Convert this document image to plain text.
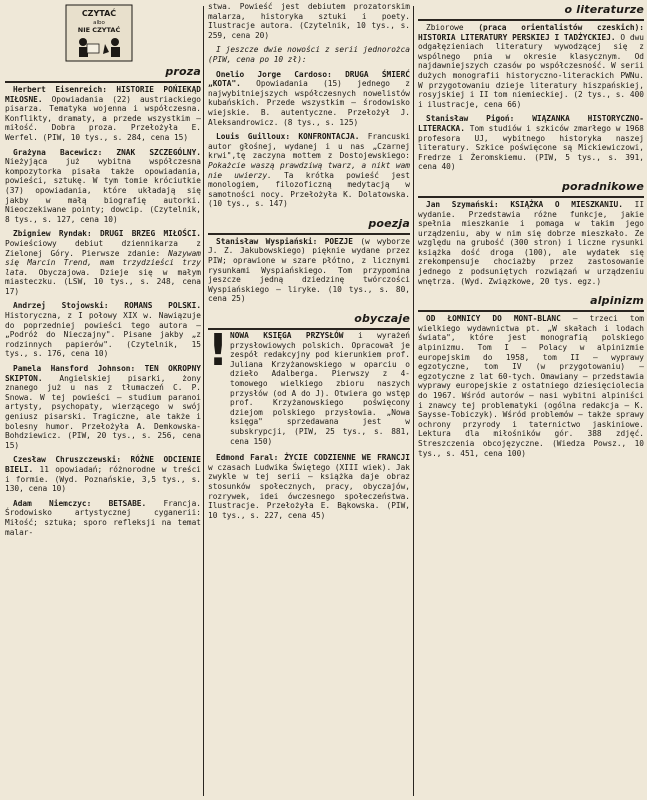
CZYTAĆ
albo
NIE CZYTAĆ
proza

Herbert Eisenreich: HISTORIE POŃIEKĄD MIŁOSNE. Opowiadania (22) austriackiego pisarza. Tematyka wojenna i współczesna. Konflikty, dramaty, a przede wszystkim — miłość. Dobra proza. Przełożyła E. Werfel. (PIW, 10 tys., s. 284, cena 15)

Grażyna Bacewicz: ZNAK SZCZEGÓLNY. Nieżyjąca już wybitna współczesna kompozytorka pisała także opowiadania, powieści, sztukę. W tym tomie króciutkie (37) opowiadania, które układają się jakby w małą biografię autorki. Nieoczekiwane pointy; dowcip. (Czytelnik, 8 tys., s. 127, cena 10)

Zbigniew Ryndak: DRUGI BRZEG MIŁOŚCI. Powieściowy debiut dziennikarza z Zielonej Góry. Pierwsze zdanie: Nazywam się Marcin Trend, mam trzydzieści trzy lata. Obyczajowa. Dzieje się w małym miasteczku. (LSW, 10 tys., s. 248, cena 17)

Andrzej Stojowski: ROMANS POLSKI. Historyczna, z I połowy XIX w. Nawiązuje do poprzedniej powieści tego autora — „Podróż do Nieczajny". Pisane jakby „z rodzinnych papierów". (Czytelnik, 15 tys., s. 176, cena 10)

Pamela Hansford Johnson: TEN OKROPNY SKIPTON. Angielskiej pisarki, żony znanego już u nas z tłumaczeń C. P. Snowa. W tej powieści — studium paranoi artysty, psychopaty, wierzącego w swój geniusz pisarski. Tragiczne, ale także i bolesny humor. Przełożyła A. Demkowska-Bohdziewicz. (PIW, 20 tys., s. 256, cena 15)

Czesław Chruszczewski: RÓŻNE ODCIENIE BIELI. 11 opowiadań; różnorodne w treści i formie. (Wyd. Poznańskie, 3,5 tys., s. 130, cena 10)

Adam Niemczyc: BETSABE. Francja. Środowisko artystycznej cyganerii: Miłość; sztuka; sporo refleksji na temat malar-

stwa. Powieść jest debiutem prozatorskim malarza, historyka sztuki i poety. Ilustracje autora. (Czytelnik, 10 tys., s. 259, cena 20)

I jeszcze dwie nowości z serii jednorożca (PIW, cena po 10 zł):

Onelio Jorge Cardoso: DRUGA ŚMIERĆ „KOTA". Opowiadania (15) jednego z najwybitniejszych współczesnych nowelistów kubańskich. Przede wszystkim — środowisko wiejskie. B. autentyczne. Przełożył J. Aleksandrowicz. (8 tys., s. 125)

Louis Guilloux: KONFRONTACJA. Francuski autor głośnej, wydanej i u nas „Czarnej krwi",tę zaczyna mottem z Dostojewskiego: Pokażcie waszą prawdziwą twarz, a nikt wam nie uwierzy. Ta krótka powieść jest monologiem, filozoficzną medytacją w samotności nocy. Przełożyła K. Dolatowska. (10 tys., s. 147)

poezja

Stanisław Wyspiański: POEZJE (w wyborze J. Z. Jakubowskiego) pięknie wydane przez PIW; oprawione w szare płótno, z licznymi rysunkami Wyspiańskiego. Tom przypomina jeszcze jedną dziedzinę twórczości Wyspiańskiego — liryke. (10 tys., s. 80, cena 25)

obyczaje
! NOWA KSIĘGA PRZYSŁÓW i wyrażeń przysłowiowych polskich. Opracował je zespół redakcyjny pod kierunkiem prof. Juliana Krzyżanowskiego w oparciu o dzieło Adalberga. Pierwszy z 4-tomowego wielkiego zbioru naszych przysłów (od A do J). Otwiera go wstęp prof. Krzyżanowskiego poświęcony dziejom polskiego przysłowia. „Nowa księga" sprzedawana jest w subskrypcji, (PIW, 25 tys., s. 881, cena 150)

Edmond Faral: ŻYCIE CODZIENNE WE FRANCJI w czasach Ludwika Świętego (XIII wiek). Jak zwykle w tej serii — książka daje obraz stosunków społecznych, pracy, obyczajów, rozrywek, idei ówczesnego społeczeństwa. Ilustracje. Przełożyła E. Bąkowska. (PIW, 10 tys., s. 227, cena 45)

o literaturze

Zbiorowe (praca orientalistów czeskich): HISTORIA LITERATURY PERSKIEJ I TADŻYCKIEJ. O dwu odgałęzieniach literatury wywodzącej się z wspólnego pnia w okresie klasycznym. Od najdawniejszych czasów po współczesność. W serii dużych monografii historyczno-literackich PWNu. W przygotowaniu dzieje literatury hiszpańskiej, rosyjskiej i II tom niemieckiej. (2 tys., s. 400 i ilustracje, cena 66)

Stanisław Pigoń: WIĄZANKA HISTORYCZNO-LITERACKA. Tom studiów i szkiców zmarłego w 1968 profesora UJ, wybitnego historyka naszej literatury. Szkice poświęcone są Mickiewiczowi, Fredrze i Żeromskiemu. (PIW, 5 tys., s. 391, cena 40)

poradnikowe

Jan Szymański: KSIĄŻKA O MIESZKANIU. II wydanie. Przedstawia różne funkcje, jakie spełnia mieszkanie i pomaga w takim jego urządzeniu, aby w nim się dobrze mieszkało. Ze względu na grubość (300 stron) i liczne rysunki książka dość droga (100), ale wydatek się zrekompensuje chociażby przez zastosowanie jednego z podsuniętych rozwiązań w urządzeniu wnętrza. (Wyd. Związkowe, 20 tys. egz.)

alpinizm

OD ŁOMNICY DO MONT-BLANC — trzeci tom wielkiego wydawnictwa pt. „W skałach i lodach świata", które jest monografią polskiego alpinizmu. Tom I — Polacy w alpinizmie europejskim do 1958, tom II — wyprawy egzotyczne, tom IV (w przygotowaniu) — egzotyczne z lat 60-tych. Omawiany — przedstawia wyprawy europejskie z ostatniego dziesięciolecia do 1967. Wśród autorów — nasi wybitni alpiniści i znawcy tej problematyki (ogólna redakcja — K. Saysse-Tobiczyk). Wśród problemów — także sprawy ochrony przyrody i taternictwo jaskiniowe. Lektura dla miłośników gór. 388 zdjęć. Streszczenia obcojęzyczne. (Wiedza Powsz., 10 tys., s. 451, cena 100)
